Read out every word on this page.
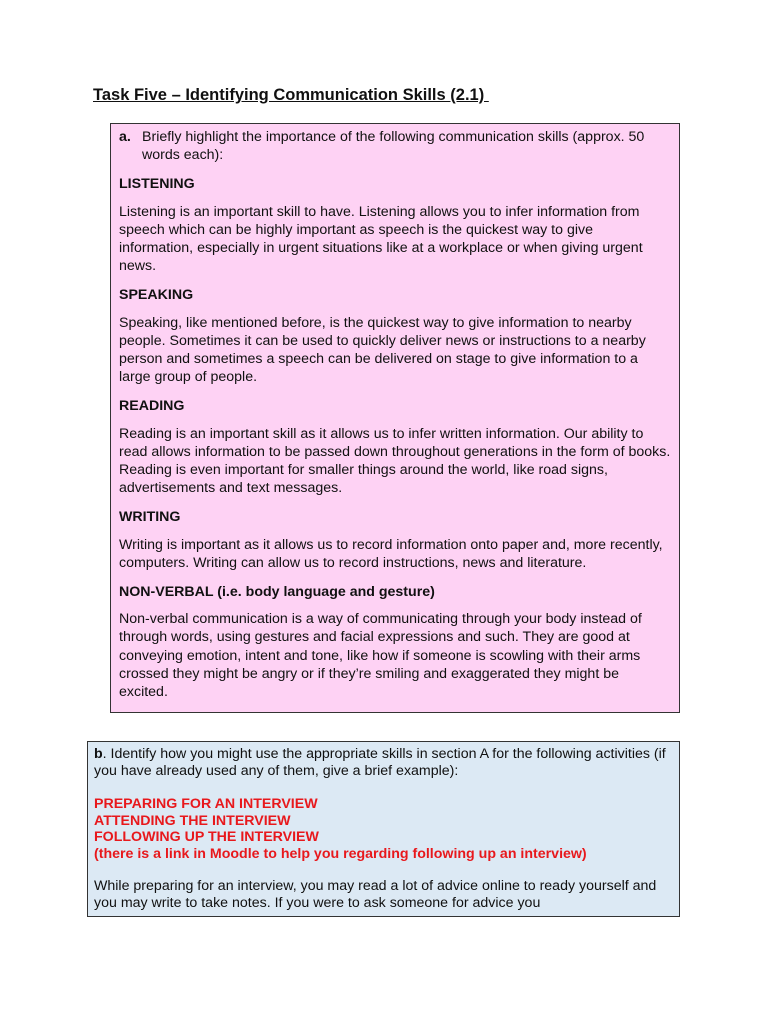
Task Five – Identifying Communication Skills (2.1)
a. Briefly highlight the importance of the following communication skills (approx. 50 words each):
LISTENING

Listening is an important skill to have. Listening allows you to infer information from speech which can be highly important as speech is the quickest way to give information, especially in urgent situations like at a workplace or when giving urgent news.

SPEAKING

Speaking, like mentioned before, is the quickest way to give information to nearby people. Sometimes it can be used to quickly deliver news or instructions to a nearby person and sometimes a speech can be delivered on stage to give information to a large group of people.

READING

Reading is an important skill as it allows us to infer written information. Our ability to read allows information to be passed down throughout generations in the form of books. Reading is even important for smaller things around the world, like road signs, advertisements and text messages.

WRITING

Writing is important as it allows us to record information onto paper and, more recently, computers. Writing can allow us to record instructions, news and literature.

NON-VERBAL (i.e. body language and gesture)

Non-verbal communication is a way of communicating through your body instead of through words, using gestures and facial expressions and such. They are good at conveying emotion, intent and tone, like how if someone is scowling with their arms crossed they might be angry or if they’re smiling and exaggerated they might be excited.

b. Identify how you might use the appropriate skills in section A for the following activities (if you have already used any of them, give a brief example):
PREPARING FOR AN INTERVIEW
ATTENDING THE INTERVIEW
FOLLOWING UP THE INTERVIEW
(there is a link in Moodle to help you regarding following up an interview)
While preparing for an interview, you may read a lot of advice online to ready yourself and you may write to take notes. If you were to ask someone for advice you
